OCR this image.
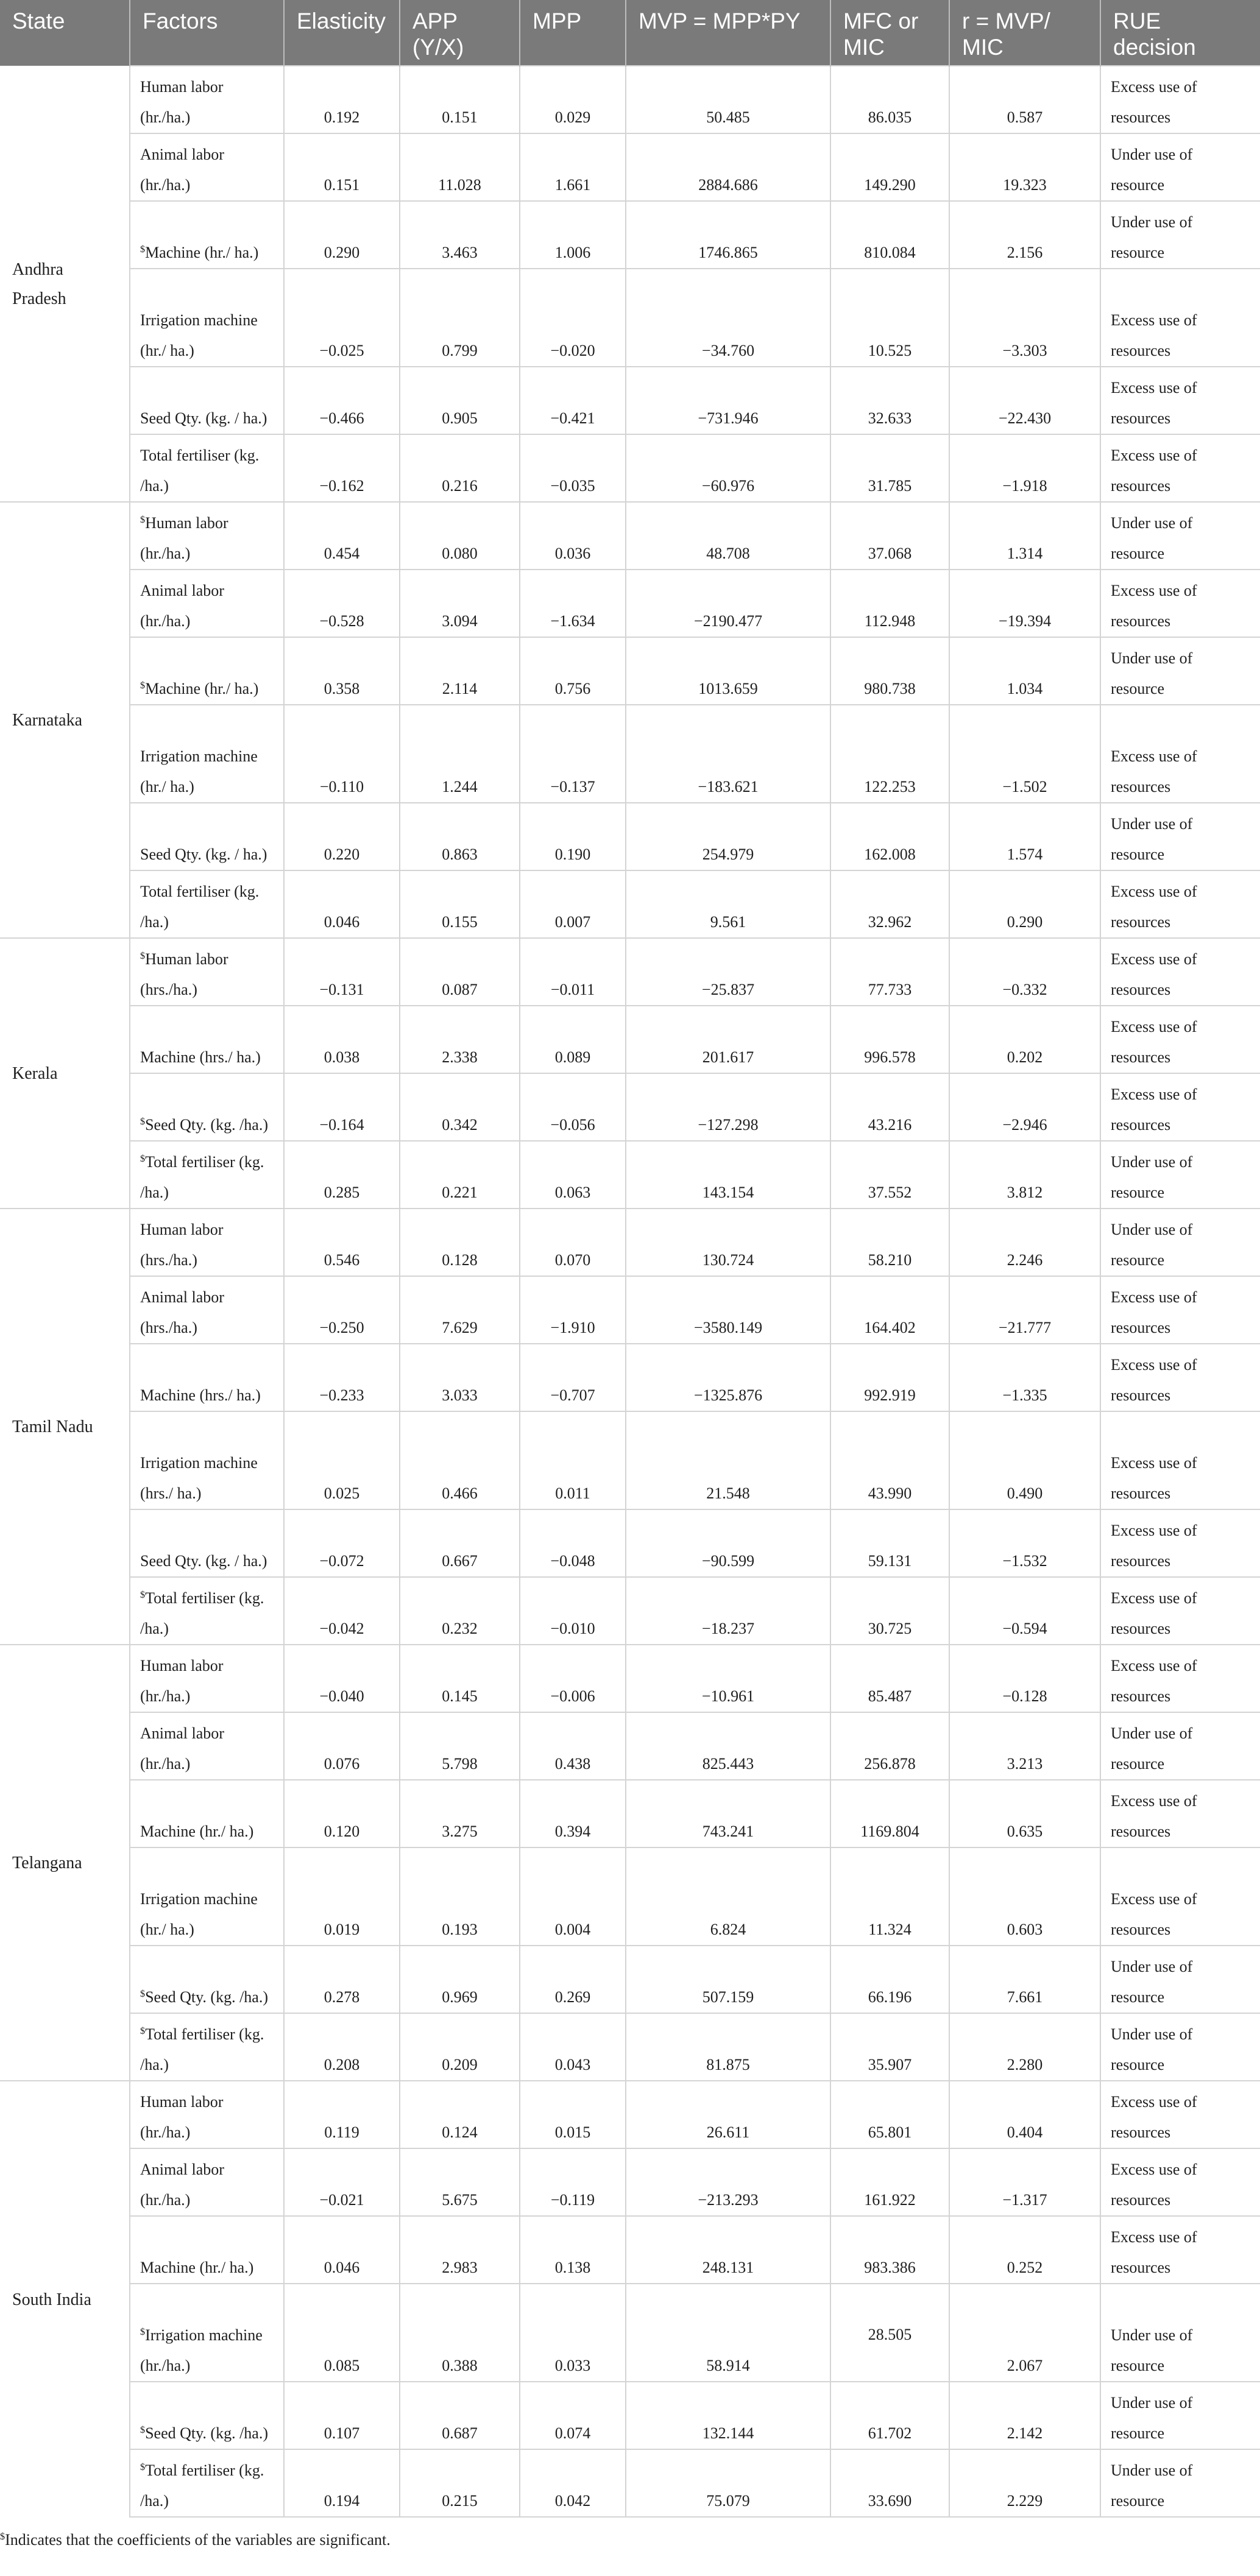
State	Factors	Elasticity	APP (Y/X)	MPP	MVP = MPP*PY	MFC or MIC	r = MVP/ MIC	RUE decision
Andhra Pradesh	Human labor (hr./ha.)	0.192	0.151	0.029	50.485	86.035	0.587	Excess use of resources
	Animal labor (hr./ha.)	0.151	11.028	1.661	2884.686	149.290	19.323	Under use of resource
	$Machine (hr./ ha.)	0.290	3.463	1.006	1746.865	810.084	2.156	Under use of resource
	Irrigation machine (hr./ ha.)	−0.025	0.799	−0.020	−34.760	10.525	−3.303	Excess use of resources
	Seed Qty. (kg. / ha.)	−0.466	0.905	−0.421	−731.946	32.633	−22.430	Excess use of resources
	Total fertiliser (kg. /ha.)	−0.162	0.216	−0.035	−60.976	31.785	−1.918	Excess use of resources
Karnataka	$Human labor (hr./ha.)	0.454	0.080	0.036	48.708	37.068	1.314	Under use of resource
	Animal labor (hr./ha.)	−0.528	3.094	−1.634	−2190.477	112.948	−19.394	Excess use of resources
	$Machine (hr./ ha.)	0.358	2.114	0.756	1013.659	980.738	1.034	Under use of resource
	Irrigation machine (hr./ ha.)	−0.110	1.244	−0.137	−183.621	122.253	−1.502	Excess use of resources
	Seed Qty. (kg. / ha.)	0.220	0.863	0.190	254.979	162.008	1.574	Under use of resource
	Total fertiliser (kg. /ha.)	0.046	0.155	0.007	9.561	32.962	0.290	Excess use of resources
Kerala	$Human labor (hrs./ha.)	−0.131	0.087	−0.011	−25.837	77.733	−0.332	Excess use of resources
	Machine (hrs./ ha.)	0.038	2.338	0.089	201.617	996.578	0.202	Excess use of resources
	$Seed Qty. (kg. /ha.)	−0.164	0.342	−0.056	−127.298	43.216	−2.946	Excess use of resources
	$Total fertiliser (kg. /ha.)	0.285	0.221	0.063	143.154	37.552	3.812	Under use of resource
Tamil Nadu	Human labor (hrs./ha.)	0.546	0.128	0.070	130.724	58.210	2.246	Under use of resource
	Animal labor (hrs./ha.)	−0.250	7.629	−1.910	−3580.149	164.402	−21.777	Excess use of resources
	Machine (hrs./ ha.)	−0.233	3.033	−0.707	−1325.876	992.919	−1.335	Excess use of resources
	Irrigation machine (hrs./ ha.)	0.025	0.466	0.011	21.548	43.990	0.490	Excess use of resources
	Seed Qty. (kg. / ha.)	−0.072	0.667	−0.048	−90.599	59.131	−1.532	Excess use of resources
	$Total fertiliser (kg. /ha.)	−0.042	0.232	−0.010	−18.237	30.725	−0.594	Excess use of resources
Telangana	Human labor (hr./ha.)	−0.040	0.145	−0.006	−10.961	85.487	−0.128	Excess use of resources
	Animal labor (hr./ha.)	0.076	5.798	0.438	825.443	256.878	3.213	Under use of resource
	Machine (hr./ ha.)	0.120	3.275	0.394	743.241	1169.804	0.635	Excess use of resources
	Irrigation machine (hr./ ha.)	0.019	0.193	0.004	6.824	11.324	0.603	Excess use of resources
	$Seed Qty. (kg. /ha.)	0.278	0.969	0.269	507.159	66.196	7.661	Under use of resource
	$Total fertiliser (kg. /ha.)	0.208	0.209	0.043	81.875	35.907	2.280	Under use of resource
South India	Human labor (hr./ha.)	0.119	0.124	0.015	26.611	65.801	0.404	Excess use of resources
	Animal labor (hr./ha.)	−0.021	5.675	−0.119	−213.293	161.922	−1.317	Excess use of resources
	Machine (hr./ ha.)	0.046	2.983	0.138	248.131	983.386	0.252	Excess use of resources
	$Irrigation machine (hr./ha.)	0.085	0.388	0.033	58.914	28.505	2.067	Under use of resource
	$Seed Qty. (kg. /ha.)	0.107	0.687	0.074	132.144	61.702	2.142	Under use of resource
	$Total fertiliser (kg. /ha.)	0.194	0.215	0.042	75.079	33.690	2.229	Under use of resource
$Indicates that the coefficients of the variables are significant.
